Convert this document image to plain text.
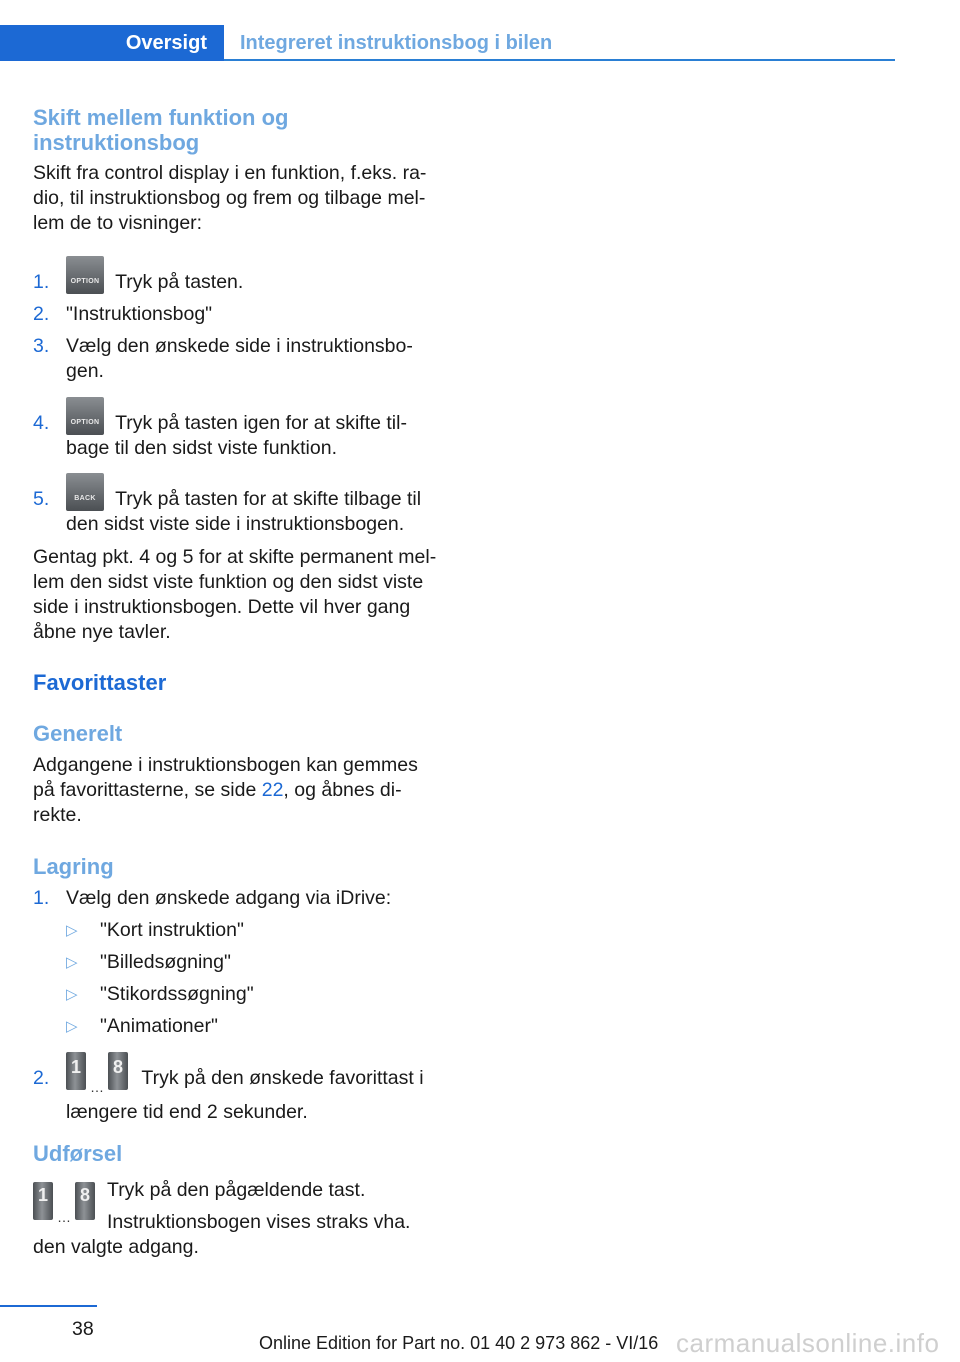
Oversigt	Integreret instruktionsbog i bilen
Skift mellem funktion og
instruktionsbog
Skift fra control display i en funktion, f.eks. ra-
dio, til instruktionsbog og frem og tilbage mel-
lem de to visninger:
1.	OPTION Tryk på tasten.
2. "Instruktionsbog"
3. Vælg den ønskede side i instruktionsbo-
gen.
4.	OPTION Tryk på tasten igen for at skifte til-
bage til den sidst viste funktion.
5.	BACK Tryk på tasten for at skifte tilbage til
den sidst viste side i instruktionsbogen.
Gentag pkt. 4 og 5 for at skifte permanent mel-
lem den sidst viste funktion og den sidst viste
side i instruktionsbogen. Dette vil hver gang
åbne nye tavler.
Favorittaster
Generelt
Adgangene i instruktionsbogen kan gemmes
på favorittasterne, se side 22, og åbnes di-
rekte.
Lagring
1. Vælg den ønskede adgang via iDrive:
▷ "Kort instruktion"
▷ "Billedsøgning"
▷ "Stikordssøgning"
▷ "Animationer"
2. 1
…
8 Tryk på den ønskede favorittast i
længere tid end 2 sekunder.
Udførsel
1
…
8 Tryk på den pågældende tast.
Instruktionsbogen vises straks vha.
den valgte adgang.
38
Online Edition for Part no. 01 40 2 973 862 - VI/16 carmanualsonline.info
